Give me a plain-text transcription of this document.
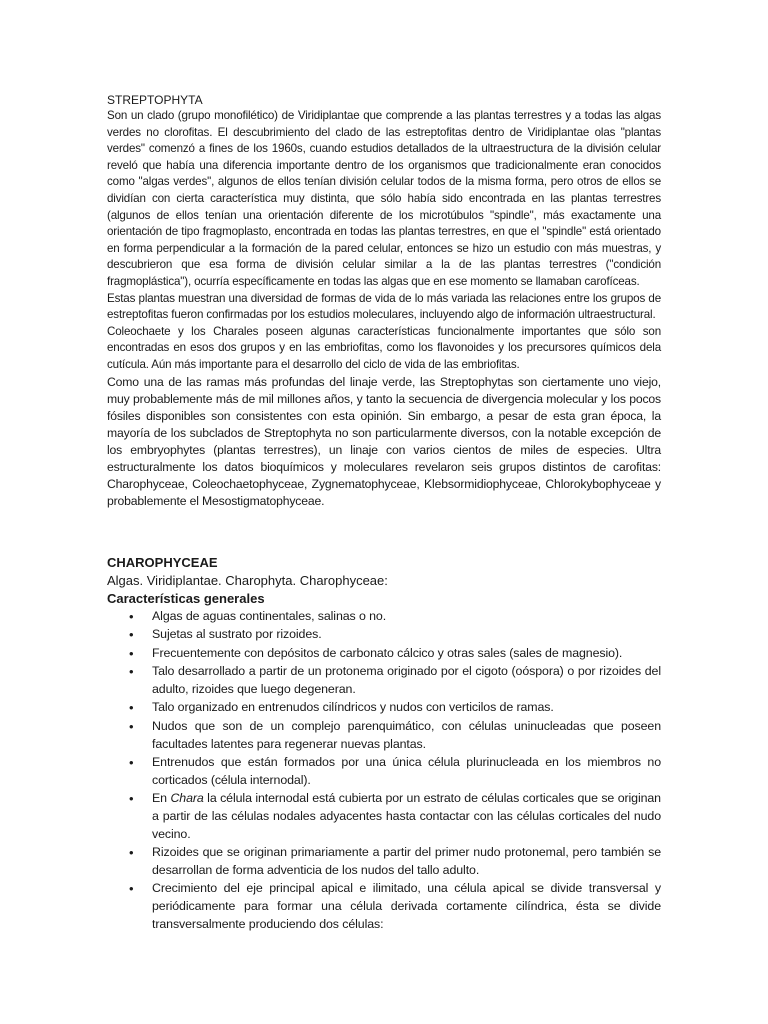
STREPTOPHYTA

Son un clado (grupo monofilético) de Viridiplantae que comprende a las plantas terrestres y a todas las algas verdes no clorofitas. El descubrimiento del clado de las estreptofitas dentro de Viridiplantae olas "plantas verdes" comenzó a fines de los 1960s, cuando estudios detallados de la ultraestructura de la división celular reveló que había una diferencia importante dentro de los organismos que tradicionalmente eran conocidos como "algas verdes", algunos de ellos tenían división celular todos de la misma forma, pero otros de ellos se dividían con cierta característica muy distinta, que sólo había sido encontrada en las plantas terrestres (algunos de ellos tenían una orientación diferente de los microtúbulos "spindle", más exactamente una orientación de tipo fragmoplasto, encontrada en todas las plantas terrestres, en que el "spindle" está orientado en forma perpendicular a la formación de la pared celular, entonces se hizo un estudio con más muestras, y descubrieron que esa forma de división celular similar a la de las plantas terrestres ("condición fragmoplástica"), ocurría específicamente en todas las algas que en ese momento se llamaban carofíceas.

Estas plantas muestran una diversidad de formas de vida de lo más variada las relaciones entre los grupos de estreptofitas fueron confirmadas por los estudios moleculares, incluyendo algo de información ultraestructural.

Coleochaete y los Charales poseen algunas características funcionalmente importantes que sólo son encontradas en esos dos grupos y en las embriofitas, como los flavonoides y los precursores químicos dela cutícula. Aún más importante para el desarrollo del ciclo de vida de las embriofitas.

Como una de las ramas más profundas del linaje verde, las Streptophytas son ciertamente uno viejo, muy probablemente más de mil millones años, y tanto la secuencia de divergencia molecular y los pocos fósiles disponibles son consistentes con esta opinión. Sin embargo, a pesar de esta gran época, la mayoría de los subclados de Streptophyta no son particularmente diversos, con la notable excepción de los embryophytes (plantas terrestres), un linaje con varios cientos de miles de especies. Ultra estructuralmente los datos bioquímicos y moleculares revelaron seis grupos distintos de carofitas: Charophyceae, Coleochaetophyceae, Zygnematophyceae, Klebsormidiophyceae, Chlorokybophyceae y probablemente el Mesostigmatophyceae.

CHAROPHYCEAE

Algas. Viridiplantae. Charophyta. Charophyceae:

Características generales

• Algas de aguas continentales, salinas o no.
• Sujetas al sustrato por rizoides.
• Frecuentemente con depósitos de carbonato cálcico y otras sales (sales de magnesio).
• Talo desarrollado a partir de un protonema originado por el cigoto (oóspora) o por rizoides del adulto, rizoides que luego degeneran.
• Talo organizado en entrenudos cilíndricos y nudos con verticilos de ramas.
• Nudos que son de un complejo parenquimático, con células uninucleadas que poseen facultades latentes para regenerar nuevas plantas.
• Entrenudos que están formados por una única célula plurinucleada en los miembros no corticados (célula internodal).
• En Chara la célula internodal está cubierta por un estrato de células corticales que se originan a partir de las células nodales adyacentes hasta contactar con las células corticales del nudo vecino.
• Rizoides que se originan primariamente a partir del primer nudo protonemal, pero también se desarrollan de forma adventicia de los nudos del tallo adulto.
• Crecimiento del eje principal apical e ilimitado, una célula apical se divide transversal y periódicamente para formar una célula derivada cortamente cilíndrica, ésta se divide transversalmente produciendo dos células:
